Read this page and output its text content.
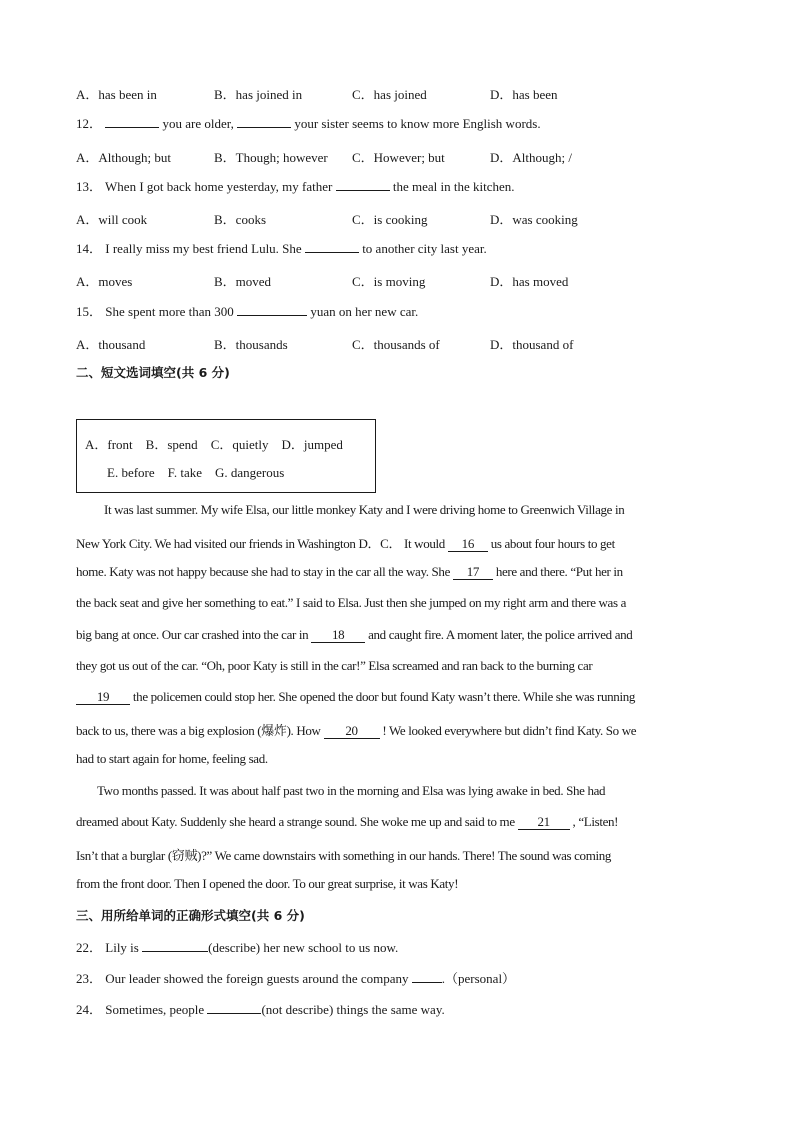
A．has been in	B．has joined in	C．has joined	D．has been
12．	you are older,	your sister seems to know more English words.
A．Although; but	B．Though; however C．However; but	D．Although; /
13． When I got back home yesterday, my father	the meal in the kitchen.
A．will cook	B．cooks	C．is cooking	D．was cooking
14． I really miss my best friend Lulu. She	to another city last year.
A．moves	B．moved	C．is moving	D．has moved
15． She spent more than 300	yuan on her new car.
A．thousand	B．thousands	C．thousands of	D．thousand of
二、短文选词填空(共 6 分)
A．front B．spend C．quietly D．jumped
E. before F. take G. dangerous
It was last summer. My wife Elsa, our little monkey Katy and I were driving home to Greenwich Village in
New York City. We had visited our friends in Washington D．C． It would 16 us about four hours to get
home. Katy was not happy because she had to stay in the car all the way. She 17 here and there. “Put her in
the back seat and give her something to eat.” I said to Elsa. Just then she jumped on my right arm and there was a
big bang at once. Our car crashed into the car in 18 and caught fire. A moment later, the police arrived and
they got us out of the car. “Oh, poor Katy is still in the car!” Elsa screamed and ran back to the burning car
19 the policemen could stop her. She opened the door but found Katy wasn’t there. While she was running
back to us, there was a big explosion (爆炸). How 20 ! We looked everywhere but didn’t find Katy. So we
had to start again for home, feeling sad.
Two months passed. It was about half past two in the morning and Elsa was lying awake in bed. She had
dreamed about Katy. Suddenly she heard a strange sound. She woke me up and said to me 21 , “Listen!
Isn’t that a burglar (窃贼)?” We came downstairs with something in our hands. There! The sound was coming
from the front door. Then I opened the door. To our great surprise, it was Katy!
三、用所给单词的正确形式填空(共 6 分)
22． Lily is	(describe) her new school to us now.
23． Our leader showed the foreign guests around the company	.（personal）
24． Sometimes, people	(not describe) things the same way.
